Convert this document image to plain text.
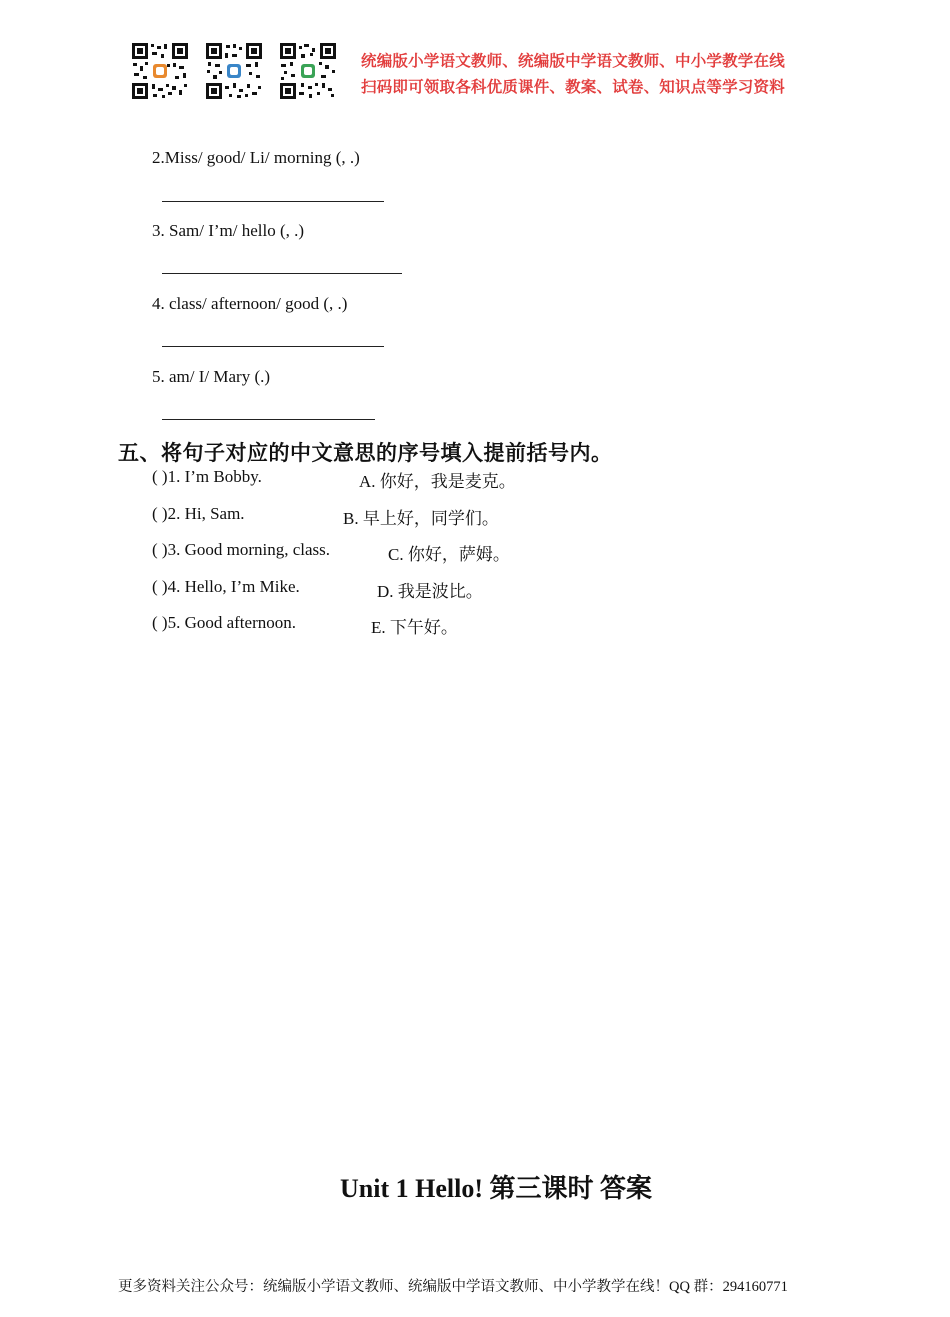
统编版小学语文教师、统编版中学语文教师、中小学教学在线
扫码即可领取各科优质课件、教案、试卷、知识点等学习资料
2.Miss/ good/ Li/ morning (, .)
3. Sam/ I’m/ hello (, .)
4. class/ afternoon/ good (, .)
5. am/ I/ Mary (.)
五、将句子对应的中文意思的序号填入提前括号内。
( )1. I’m Bobby.	A. 你好，我是麦克。
( )2. Hi, Sam.	B. 早上好，同学们。
( )3. Good morning, class.	C. 你好，萨姆。
( )4. Hello, I’m Mike.	D. 我是波比。
( )5. Good afternoon.	E. 下午好。
Unit 1 Hello! 第三课时 答案
更多资料关注公众号：统编版小学语文教师、统编版中学语文教师、中小学教学在线！QQ 群：294160771
